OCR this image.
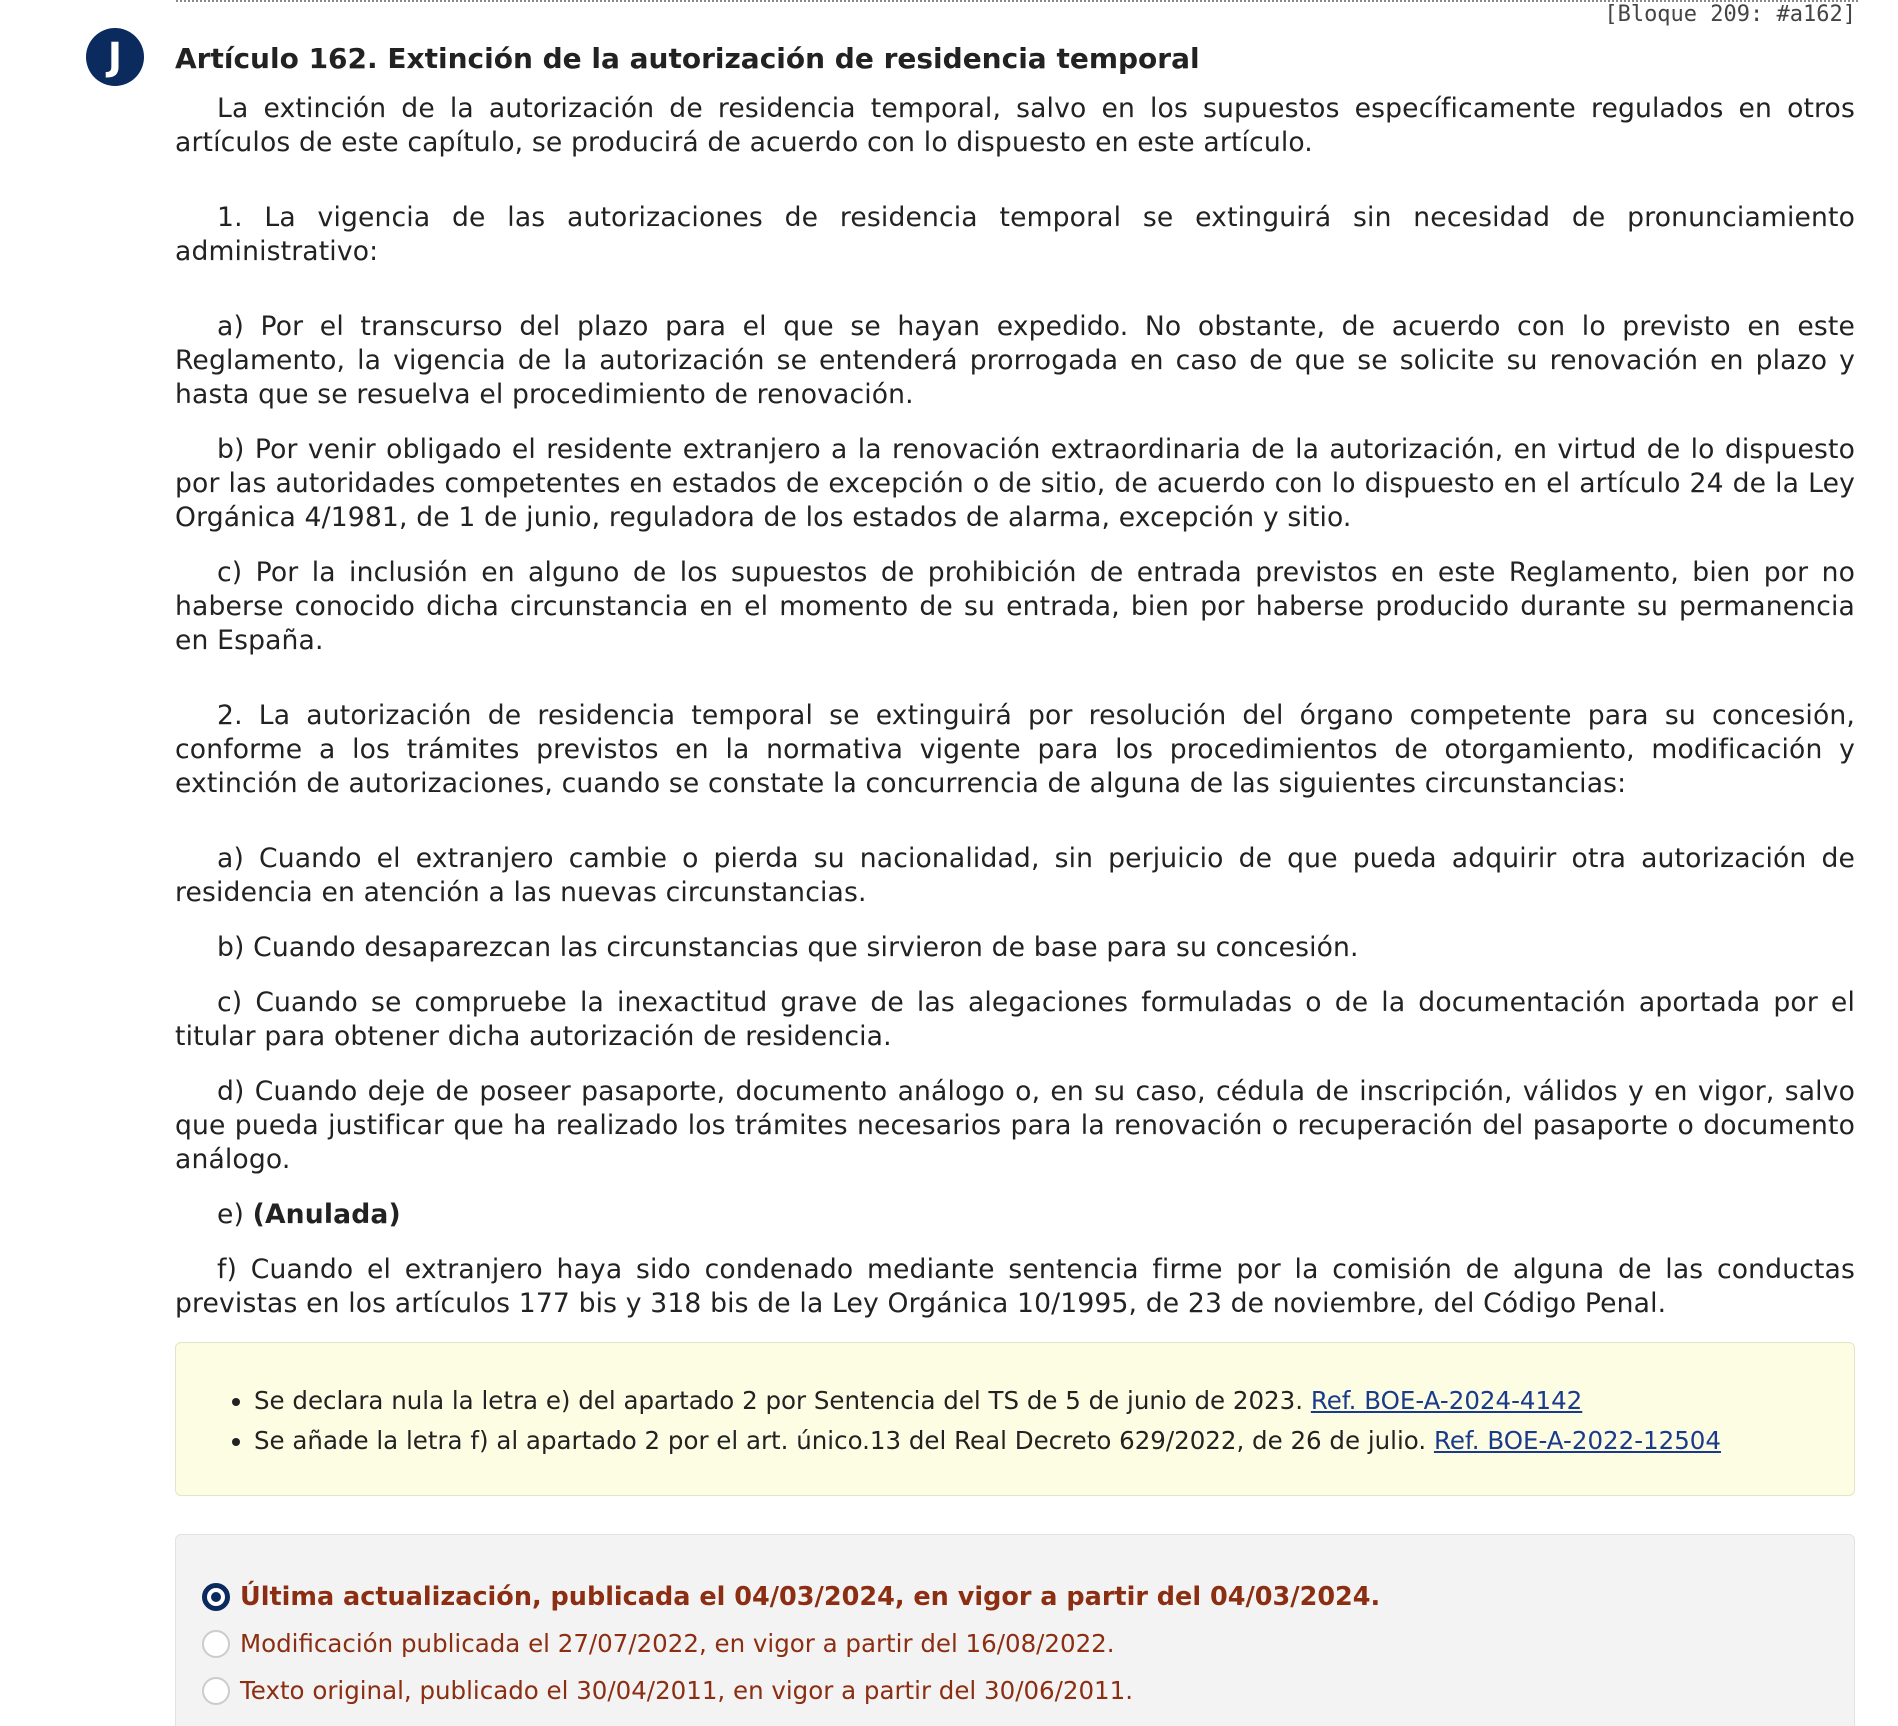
[Bloque 209: #a162]
J	Artículo 162. Extinción de la autorización de residencia temporal

La extinción de la autorización de residencia temporal, salvo en los supuestos específicamente regulados en otros artículos de este capítulo, se producirá de acuerdo con lo dispuesto en este artículo.

1. La vigencia de las autorizaciones de residencia temporal se extinguirá sin necesidad de pronunciamiento administrativo:

a) Por el transcurso del plazo para el que se hayan expedido. No obstante, de acuerdo con lo previsto en este Reglamento, la vigencia de la autorización se entenderá prorrogada en caso de que se solicite su renovación en plazo y hasta que se resuelva el procedimiento de renovación.

b) Por venir obligado el residente extranjero a la renovación extraordinaria de la autorización, en virtud de lo dispuesto por las autoridades competentes en estados de excepción o de sitio, de acuerdo con lo dispuesto en el artículo 24 de la Ley Orgánica 4/1981, de 1 de junio, reguladora de los estados de alarma, excepción y sitio.

c) Por la inclusión en alguno de los supuestos de prohibición de entrada previstos en este Reglamento, bien por no haberse conocido dicha circunstancia en el momento de su entrada, bien por haberse producido durante su permanencia en España.

2. La autorización de residencia temporal se extinguirá por resolución del órgano competente para su concesión, conforme a los trámites previstos en la normativa vigente para los procedimientos de otorgamiento, modificación y extinción de autorizaciones, cuando se constate la concurrencia de alguna de las siguientes circunstancias:

a) Cuando el extranjero cambie o pierda su nacionalidad, sin perjuicio de que pueda adquirir otra autorización de residencia en atención a las nuevas circunstancias.

b) Cuando desaparezcan las circunstancias que sirvieron de base para su concesión.

c) Cuando se compruebe la inexactitud grave de las alegaciones formuladas o de la documentación aportada por el titular para obtener dicha autorización de residencia.

d) Cuando deje de poseer pasaporte, documento análogo o, en su caso, cédula de inscripción, válidos y en vigor, salvo que pueda justificar que ha realizado los trámites necesarios para la renovación o recuperación del pasaporte o documento análogo.

e) (Anulada)

f) Cuando el extranjero haya sido condenado mediante sentencia firme por la comisión de alguna de las conductas previstas en los artículos 177 bis y 318 bis de la Ley Orgánica 10/1995, de 23 de noviembre, del Código Penal.

• Se declara nula la letra e) del apartado 2 por Sentencia del TS de 5 de junio de 2023. Ref. BOE-A-2024-4142
• Se añade la letra f) al apartado 2 por el art. único.13 del Real Decreto 629/2022, de 26 de julio. Ref. BOE-A-2022-12504
Última actualización, publicada el 04/03/2024, en vigor a partir del 04/03/2024.
Modificación publicada el 27/07/2022, en vigor a partir del 16/08/2022.
Texto original, publicado el 30/04/2011, en vigor a partir del 30/06/2011.
